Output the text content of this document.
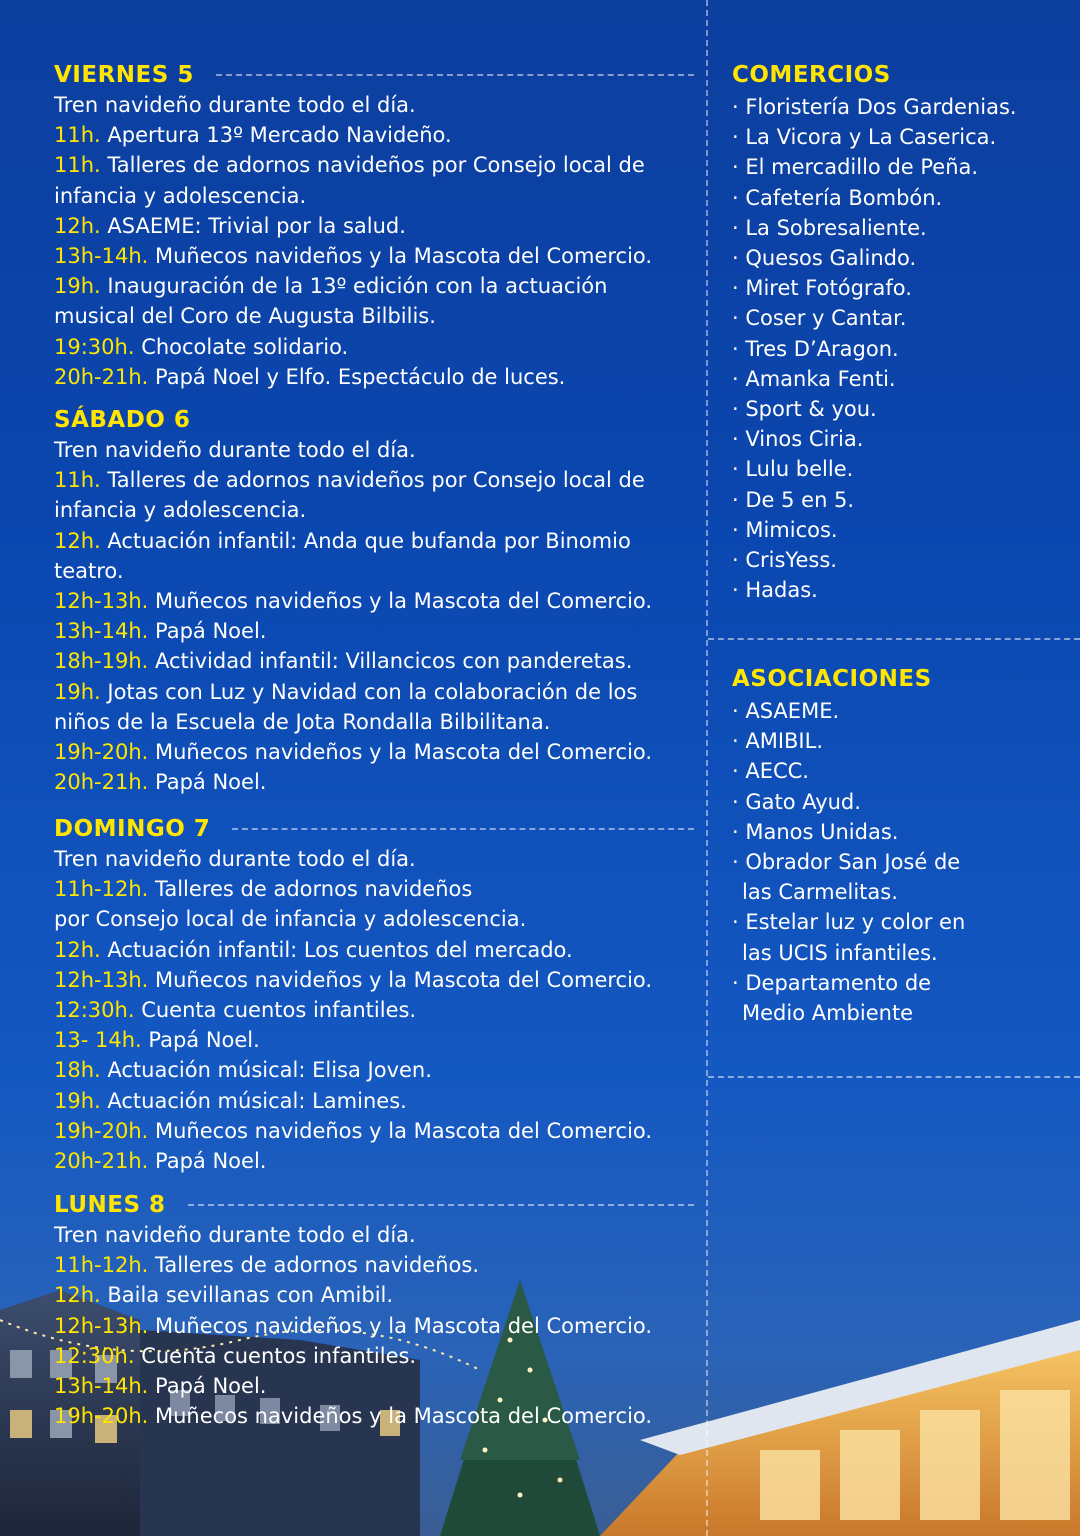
VIERNES 5
Tren navideño durante todo el día.
11h. Apertura 13º Mercado Navideño.
11h. Talleres de adornos navideños por Consejo local de
infancia y adolescencia.
12h. ASAEME: Trivial por la salud.
13h-14h. Muñecos navideños y la Mascota del Comercio.
19h. Inauguración de la 13º edición con la actuación
musical del Coro de Augusta Bilbilis.
19:30h. Chocolate solidario.
20h-21h. Papá Noel y Elfo. Espectáculo de luces.
SÁBADO 6
Tren navideño durante todo el día.
11h. Talleres de adornos navideños por Consejo local de
infancia y adolescencia.
12h. Actuación infantil: Anda que bufanda por Binomio
teatro.
12h-13h. Muñecos navideños y la Mascota del Comercio.
13h-14h. Papá Noel.
18h-19h. Actividad infantil: Villancicos con panderetas.
19h. Jotas con Luz y Navidad con la colaboración de los
niños de la Escuela de Jota Rondalla Bilbilitana.
19h-20h. Muñecos navideños y la Mascota del Comercio.
20h-21h. Papá Noel.
DOMINGO 7
Tren navideño durante todo el día.
11h-12h. Talleres de adornos navideños
por Consejo local de infancia y adolescencia.
12h. Actuación infantil: Los cuentos del mercado.
12h-13h. Muñecos navideños y la Mascota del Comercio.
12:30h. Cuenta cuentos infantiles.
13- 14h. Papá Noel.
18h. Actuación músical: Elisa Joven.
19h. Actuación músical: Lamines.
19h-20h. Muñecos navideños y la Mascota del Comercio.
20h-21h. Papá Noel.
LUNES 8
Tren navideño durante todo el día.
11h-12h. Talleres de adornos navideños.
12h. Baila sevillanas con Amibil.
12h-13h. Muñecos navideños y la Mascota del Comercio.
12:30h. Cuenta cuentos infantiles.
13h-14h. Papá Noel.
19h-20h. Muñecos navideños y la Mascota del Comercio.
COMERCIOS
· Floristería Dos Gardenias.
· La Vicora y La Caserica.
· El mercadillo de Peña.
· Cafetería Bombón.
· La Sobresaliente.
· Quesos Galindo.
· Miret Fotógrafo.
· Coser y Cantar.
· Tres D’Aragon.
· Amanka Fenti.
· Sport & you.
· Vinos Ciria.
· Lulu belle.
· De 5 en 5.
· Mimicos.
· CrisYess.
· Hadas.
ASOCIACIONES
· ASAEME.
· AMIBIL.
· AECC.
· Gato Ayud.
· Manos Unidas.
· Obrador San José de
las Carmelitas.
· Estelar luz y color en
las UCIS infantiles.
· Departamento de
Medio Ambiente
